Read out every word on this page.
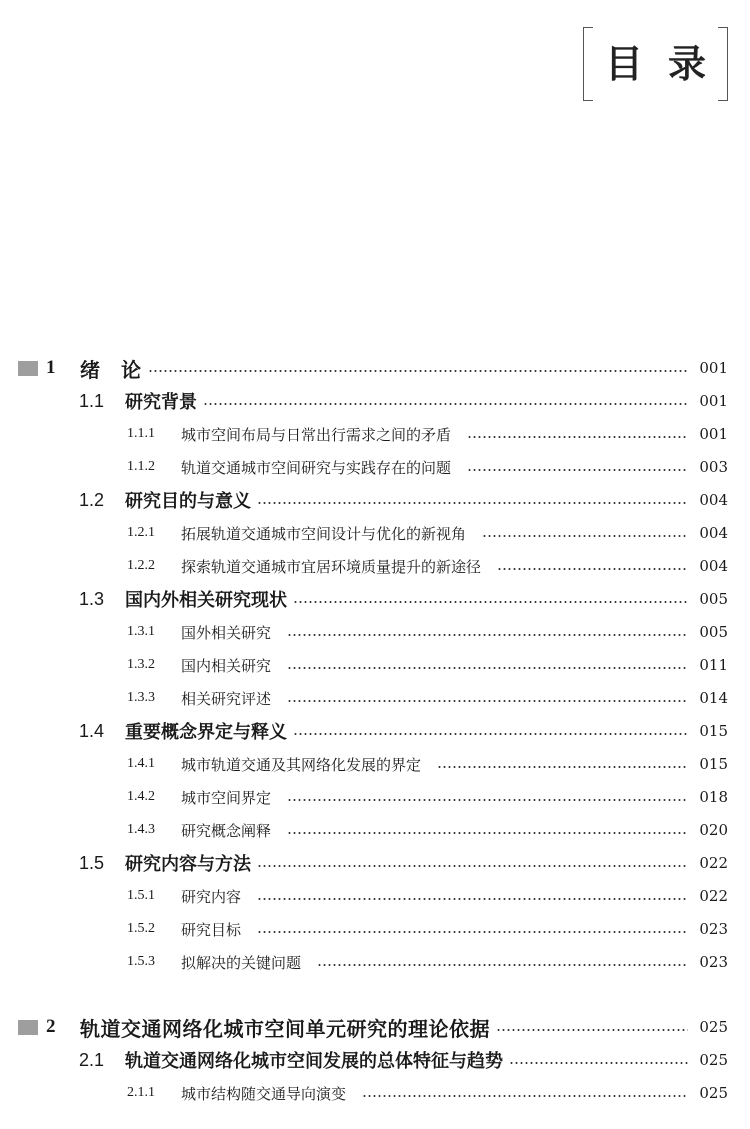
目 录
1	绪　论	001
1.1	研究背景	001
1.1.1	城市空间布局与日常出行需求之间的矛盾	001
1.1.2	轨道交通城市空间研究与实践存在的问题	003
1.2	研究目的与意义	004
1.2.1	拓展轨道交通城市空间设计与优化的新视角	004
1.2.2	探索轨道交通城市宜居环境质量提升的新途径	004
1.3	国内外相关研究现状	005
1.3.1	国外相关研究	005
1.3.2	国内相关研究	011
1.3.3	相关研究评述	014
1.4	重要概念界定与释义	015
1.4.1	城市轨道交通及其网络化发展的界定	015
1.4.2	城市空间界定	018
1.4.3	研究概念阐释	020
1.5	研究内容与方法	022
1.5.1	研究内容	022
1.5.2	研究目标	023
1.5.3	拟解决的关键问题	023
2	轨道交通网络化城市空间单元研究的理论依据	025
2.1	轨道交通网络化城市空间发展的总体特征与趋势	025
2.1.1	城市结构随交通导向演变	025
